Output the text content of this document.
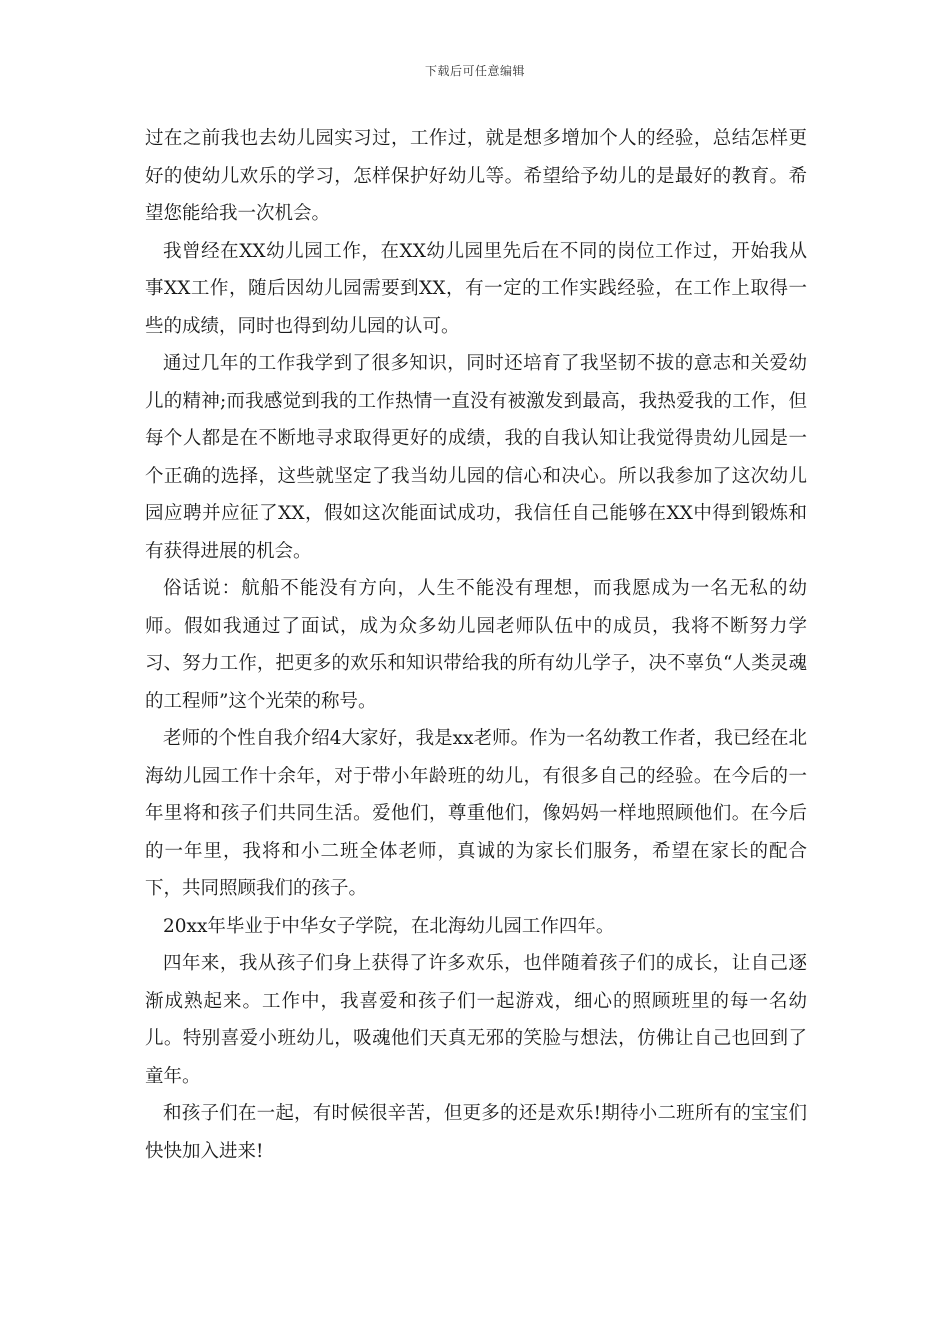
下载后可任意编辑

过在之前我也去幼儿园实习过，工作过，就是想多增加个人的经验，总结怎样更好的使幼儿欢乐的学习，怎样保护好幼儿等。希望给予幼儿的是最好的教育。希望您能给我一次机会。

我曾经在XX幼儿园工作，在XX幼儿园里先后在不同的岗位工作过，开始我从事XX工作，随后因幼儿园需要到XX，有一定的工作实践经验，在工作上取得一些的成绩，同时也得到幼儿园的认可。

通过几年的工作我学到了很多知识，同时还培育了我坚韧不拔的意志和关爱幼儿的精神;而我感觉到我的工作热情一直没有被激发到最高，我热爱我的工作，但每个人都是在不断地寻求取得更好的成绩，我的自我认知让我觉得贵幼儿园是一个正确的选择，这些就坚定了我当幼儿园的信心和决心。所以我参加了这次幼儿园应聘并应征了XX，假如这次能面试成功，我信任自己能够在XX中得到锻炼和有获得进展的机会。

俗话说：航船不能没有方向，人生不能没有理想，而我愿成为一名无私的幼师。假如我通过了面试，成为众多幼儿园老师队伍中的成员，我将不断努力学习、努力工作，把更多的欢乐和知识带给我的所有幼儿学子，决不辜负“人类灵魂的工程师”这个光荣的称号。

老师的个性自我介绍4大家好，我是xx老师。作为一名幼教工作者，我已经在北海幼儿园工作十余年，对于带小年龄班的幼儿，有很多自己的经验。在今后的一年里将和孩子们共同生活。爱他们，尊重他们，像妈妈一样地照顾他们。在今后的一年里，我将和小二班全体老师，真诚的为家长们服务，希望在家长的配合下，共同照顾我们的孩子。

20xx年毕业于中华女子学院，在北海幼儿园工作四年。

四年来，我从孩子们身上获得了许多欢乐，也伴随着孩子们的成长，让自己逐渐成熟起来。工作中，我喜爱和孩子们一起游戏，细心的照顾班里的每一名幼儿。特别喜爱小班幼儿，吸魂他们天真无邪的笑脸与想法，仿佛让自己也回到了童年。

和孩子们在一起，有时候很辛苦，但更多的还是欢乐!期待小二班所有的宝宝们快快加入进来!
